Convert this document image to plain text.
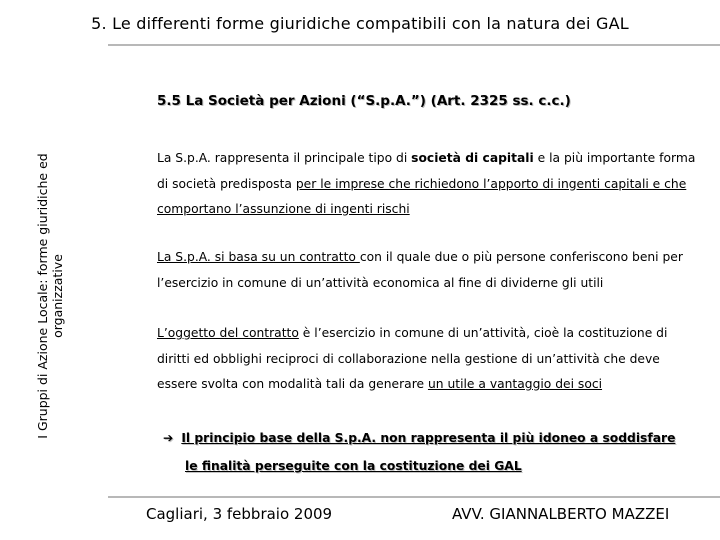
5. Le differenti forme giuridiche compatibili con la natura dei GAL
I Gruppi di Azione Locale: forme giuridiche ed
organizzative
5.5 La Società per Azioni (“S.p.A.”) (Art. 2325 ss. c.c.)
La S.p.A. rappresenta il principale tipo di società di capitali e la più importante forma di società predisposta per le imprese che richiedono l’apporto di ingenti capitali e che comportano l’assunzione di ingenti rischi
La S.p.A. si basa su un contratto con il quale due o più persone conferiscono beni per l’esercizio in comune di un’attività economica al fine di dividerne gli utili
L’oggetto del contratto è l’esercizio in comune di un’attività, cioè la costituzione di diritti ed obblighi reciproci di collaborazione nella gestione di un’attività che deve essere svolta con modalità tali da generare un utile a vantaggio dei soci
➔ Il principio base della S.p.A. non rappresenta il più idoneo a soddisfare
le finalità perseguite con la costituzione dei GAL
Cagliari, 3 febbraio 2009	AVV. GIANNALBERTO MAZZEI
